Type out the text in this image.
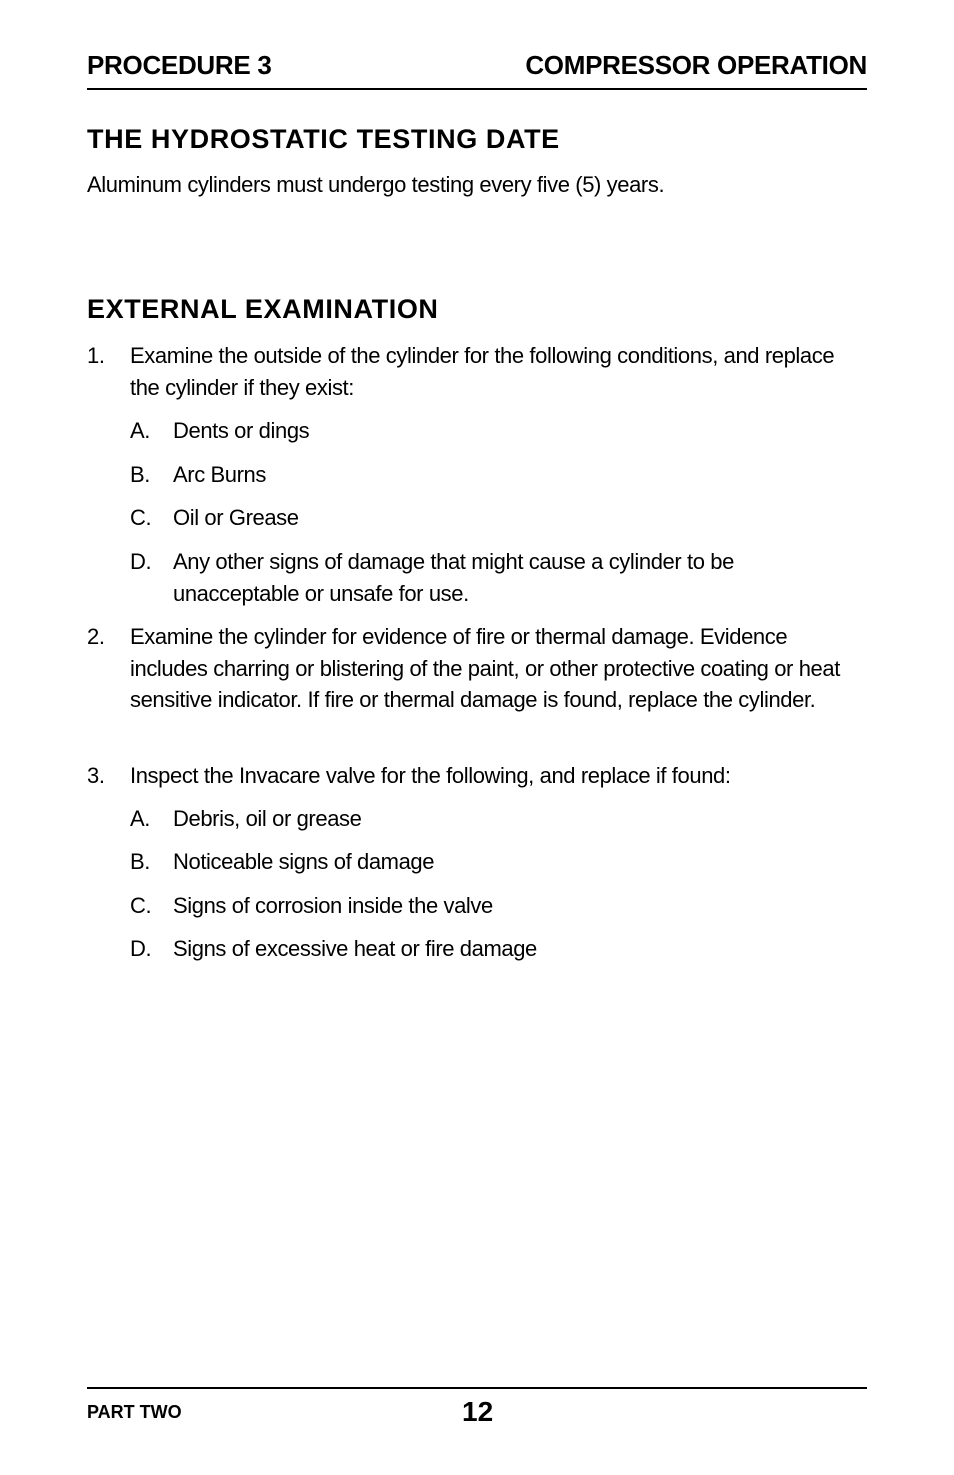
PROCEDURE 3	COMPRESSOR OPERATION
THE HYDROSTATIC TESTING DATE
Aluminum cylinders must undergo testing every five (5) years.
EXTERNAL EXAMINATION
1. Examine the outside of the cylinder for the following conditions, and replace the cylinder if they exist:
A. Dents or dings
B. Arc Burns
C. Oil or Grease
D. Any other signs of damage that might cause a cylinder to be unacceptable or unsafe for use.
2. Examine the cylinder for evidence of fire or thermal damage. Evidence includes charring or blistering of the paint, or other protective coating or heat sensitive indicator. If fire or thermal damage is found, replace the cylinder.
3. Inspect the Invacare valve for the following, and replace if found:
A. Debris, oil or grease
B. Noticeable signs of damage
C. Signs of corrosion inside the valve
D. Signs of excessive heat or fire damage
PART TWO	12
